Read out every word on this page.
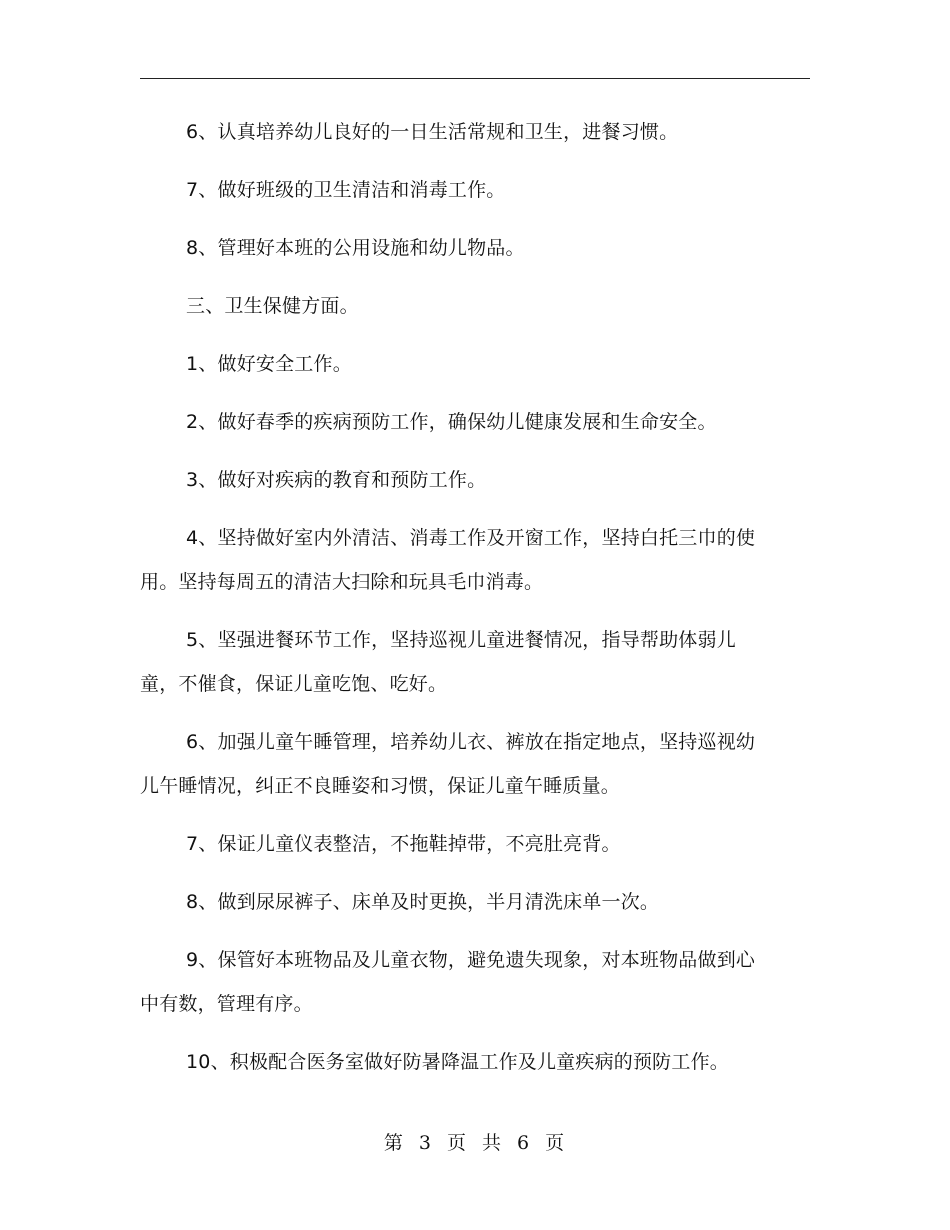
6、认真培养幼儿良好的一日生活常规和卫生，进餐习惯。

7、做好班级的卫生清洁和消毒工作。

8、管理好本班的公用设施和幼儿物品。

三、卫生保健方面。

1、做好安全工作。

2、做好春季的疾病预防工作，确保幼儿健康发展和生命安全。

3、做好对疾病的教育和预防工作。

4、坚持做好室内外清洁、消毒工作及开窗工作，坚持白托三巾的使用。坚持每周五的清洁大扫除和玩具毛巾消毒。

5、坚强进餐环节工作，坚持巡视儿童进餐情况，指导帮助体弱儿童，不催食，保证儿童吃饱、吃好。

6、加强儿童午睡管理，培养幼儿衣、裤放在指定地点，坚持巡视幼儿午睡情况，纠正不良睡姿和习惯，保证儿童午睡质量。

7、保证儿童仪表整洁，不拖鞋掉带，不亮肚亮背。

8、做到尿尿裤子、床单及时更换，半月清洗床单一次。

9、保管好本班物品及儿童衣物，避免遗失现象，对本班物品做到心中有数，管理有序。

10、积极配合医务室做好防暑降温工作及儿童疾病的预防工作。

第 3 页 共 6 页
